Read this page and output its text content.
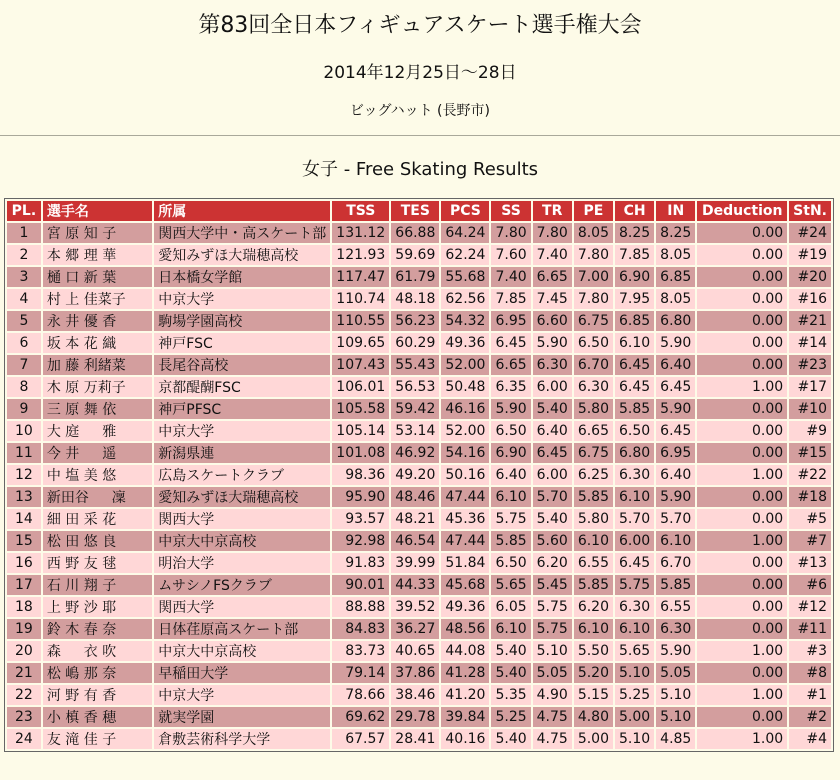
第83回全日本フィギュアスケート選手権大会
2014年12月25日～28日
ビッグハット (長野市)
女子 - Free Skating Results
PL.	選手名	所属	TSS	TES	PCS	SS	TR	PE	CH	IN	Deduction	StN.
1	宮 原 知 子	関西大学中・高スケート部	131.12	66.88	64.24	7.80	7.80	8.05	8.25	8.25	0.00	#24
2	本 郷 理 華	愛知みずほ大瑞穂高校	121.93	59.69	62.24	7.60	7.40	7.80	7.85	8.05	0.00	#19
3	樋 口 新 葉	日本橋女学館	117.47	61.79	55.68	7.40	6.65	7.00	6.90	6.85	0.00	#20
4	村 上 佳菜子	中京大学	110.74	48.18	62.56	7.85	7.45	7.80	7.95	8.05	0.00	#16
5	永 井 優 香	駒場学園高校	110.55	56.23	54.32	6.95	6.60	6.75	6.85	6.80	0.00	#21
6	坂 本 花 織	神戸FSC	109.65	60.29	49.36	6.45	5.90	6.50	6.10	5.90	0.00	#14
7	加 藤 利緒菜	長尾谷高校	107.43	55.43	52.00	6.65	6.30	6.70	6.45	6.40	0.00	#23
8	木 原 万莉子	京都醍醐FSC	106.01	56.53	50.48	6.35	6.00	6.30	6.45	6.45	1.00	#17
9	三 原 舞 依	神戸PFSC	105.58	59.42	46.16	5.90	5.40	5.80	5.85	5.90	0.00	#10
10	大 庭 　 雅	中京大学	105.14	53.14	52.00	6.50	6.40	6.65	6.50	6.45	0.00	#9
11	今 井 　 遥	新潟県連	101.08	46.92	54.16	6.90	6.45	6.75	6.80	6.95	0.00	#15
12	中 塩 美 悠	広島スケートクラブ	98.36	49.20	50.16	6.40	6.00	6.25	6.30	6.40	1.00	#22
13	新田谷 　 凜	愛知みずほ大瑞穂高校	95.90	48.46	47.44	6.10	5.70	5.85	6.10	5.90	0.00	#18
14	細 田 采 花	関西大学	93.57	48.21	45.36	5.75	5.40	5.80	5.70	5.70	0.00	#5
15	松 田 悠 良	中京大中京高校	92.98	46.54	47.44	5.85	5.60	6.10	6.00	6.10	1.00	#7
16	西 野 友 毬	明治大学	91.83	39.99	51.84	6.50	6.20	6.55	6.45	6.70	0.00	#13
17	石 川 翔 子	ムサシノFSクラブ	90.01	44.33	45.68	5.65	5.45	5.85	5.75	5.85	0.00	#6
18	上 野 沙 耶	関西大学	88.88	39.52	49.36	6.05	5.75	6.20	6.30	6.55	0.00	#12
19	鈴 木 春 奈	日体荏原高スケート部	84.83	36.27	48.56	6.10	5.75	6.10	6.10	6.30	0.00	#11
20	森 　 衣 吹	中京大中京高校	83.73	40.65	44.08	5.40	5.10	5.50	5.65	5.90	1.00	#3
21	松 嶋 那 奈	早稲田大学	79.14	37.86	41.28	5.40	5.05	5.20	5.10	5.05	0.00	#8
22	河 野 有 香	中京大学	78.66	38.46	41.20	5.35	4.90	5.15	5.25	5.10	1.00	#1
23	小 槙 香 穂	就実学園	69.62	29.78	39.84	5.25	4.75	4.80	5.00	5.10	0.00	#2
24	友 滝 佳 子	倉敷芸術科学大学	67.57	28.41	40.16	5.40	4.75	5.00	5.10	4.85	1.00	#4
